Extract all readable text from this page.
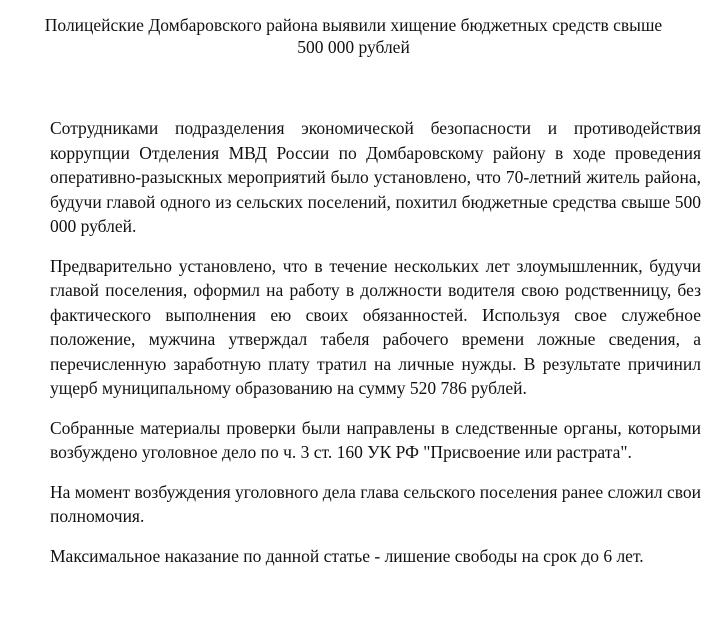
Полицейские Домбаровского района выявили хищение бюджетных средств свыше 500 000 рублей

Сотрудниками подразделения экономической безопасности и противодействия коррупции Отделения МВД России по Домбаровскому району в ходе проведения оперативно-разыскных мероприятий было установлено, что 70-летний житель района, будучи главой одного из сельских поселений, похитил бюджетные средства свыше 500 000 рублей.

Предварительно установлено, что в течение нескольких лет злоумышленник, будучи главой поселения, оформил на работу в должности водителя свою родственницу, без фактического выполнения ею своих обязанностей. Используя свое служебное положение, мужчина утверждал табеля рабочего времени ложные сведения, а перечисленную заработную плату тратил на личные нужды. В результате причинил ущерб муниципальному образованию на сумму 520 786 рублей.

Собранные материалы проверки были направлены в следственные органы, которыми возбуждено уголовное дело по ч. 3 ст. 160 УК РФ "Присвоение или растрата".

На момент возбуждения уголовного дела глава сельского поселения ранее сложил свои полномочия.

Максимальное наказание по данной статье - лишение свободы на срок до 6 лет.
